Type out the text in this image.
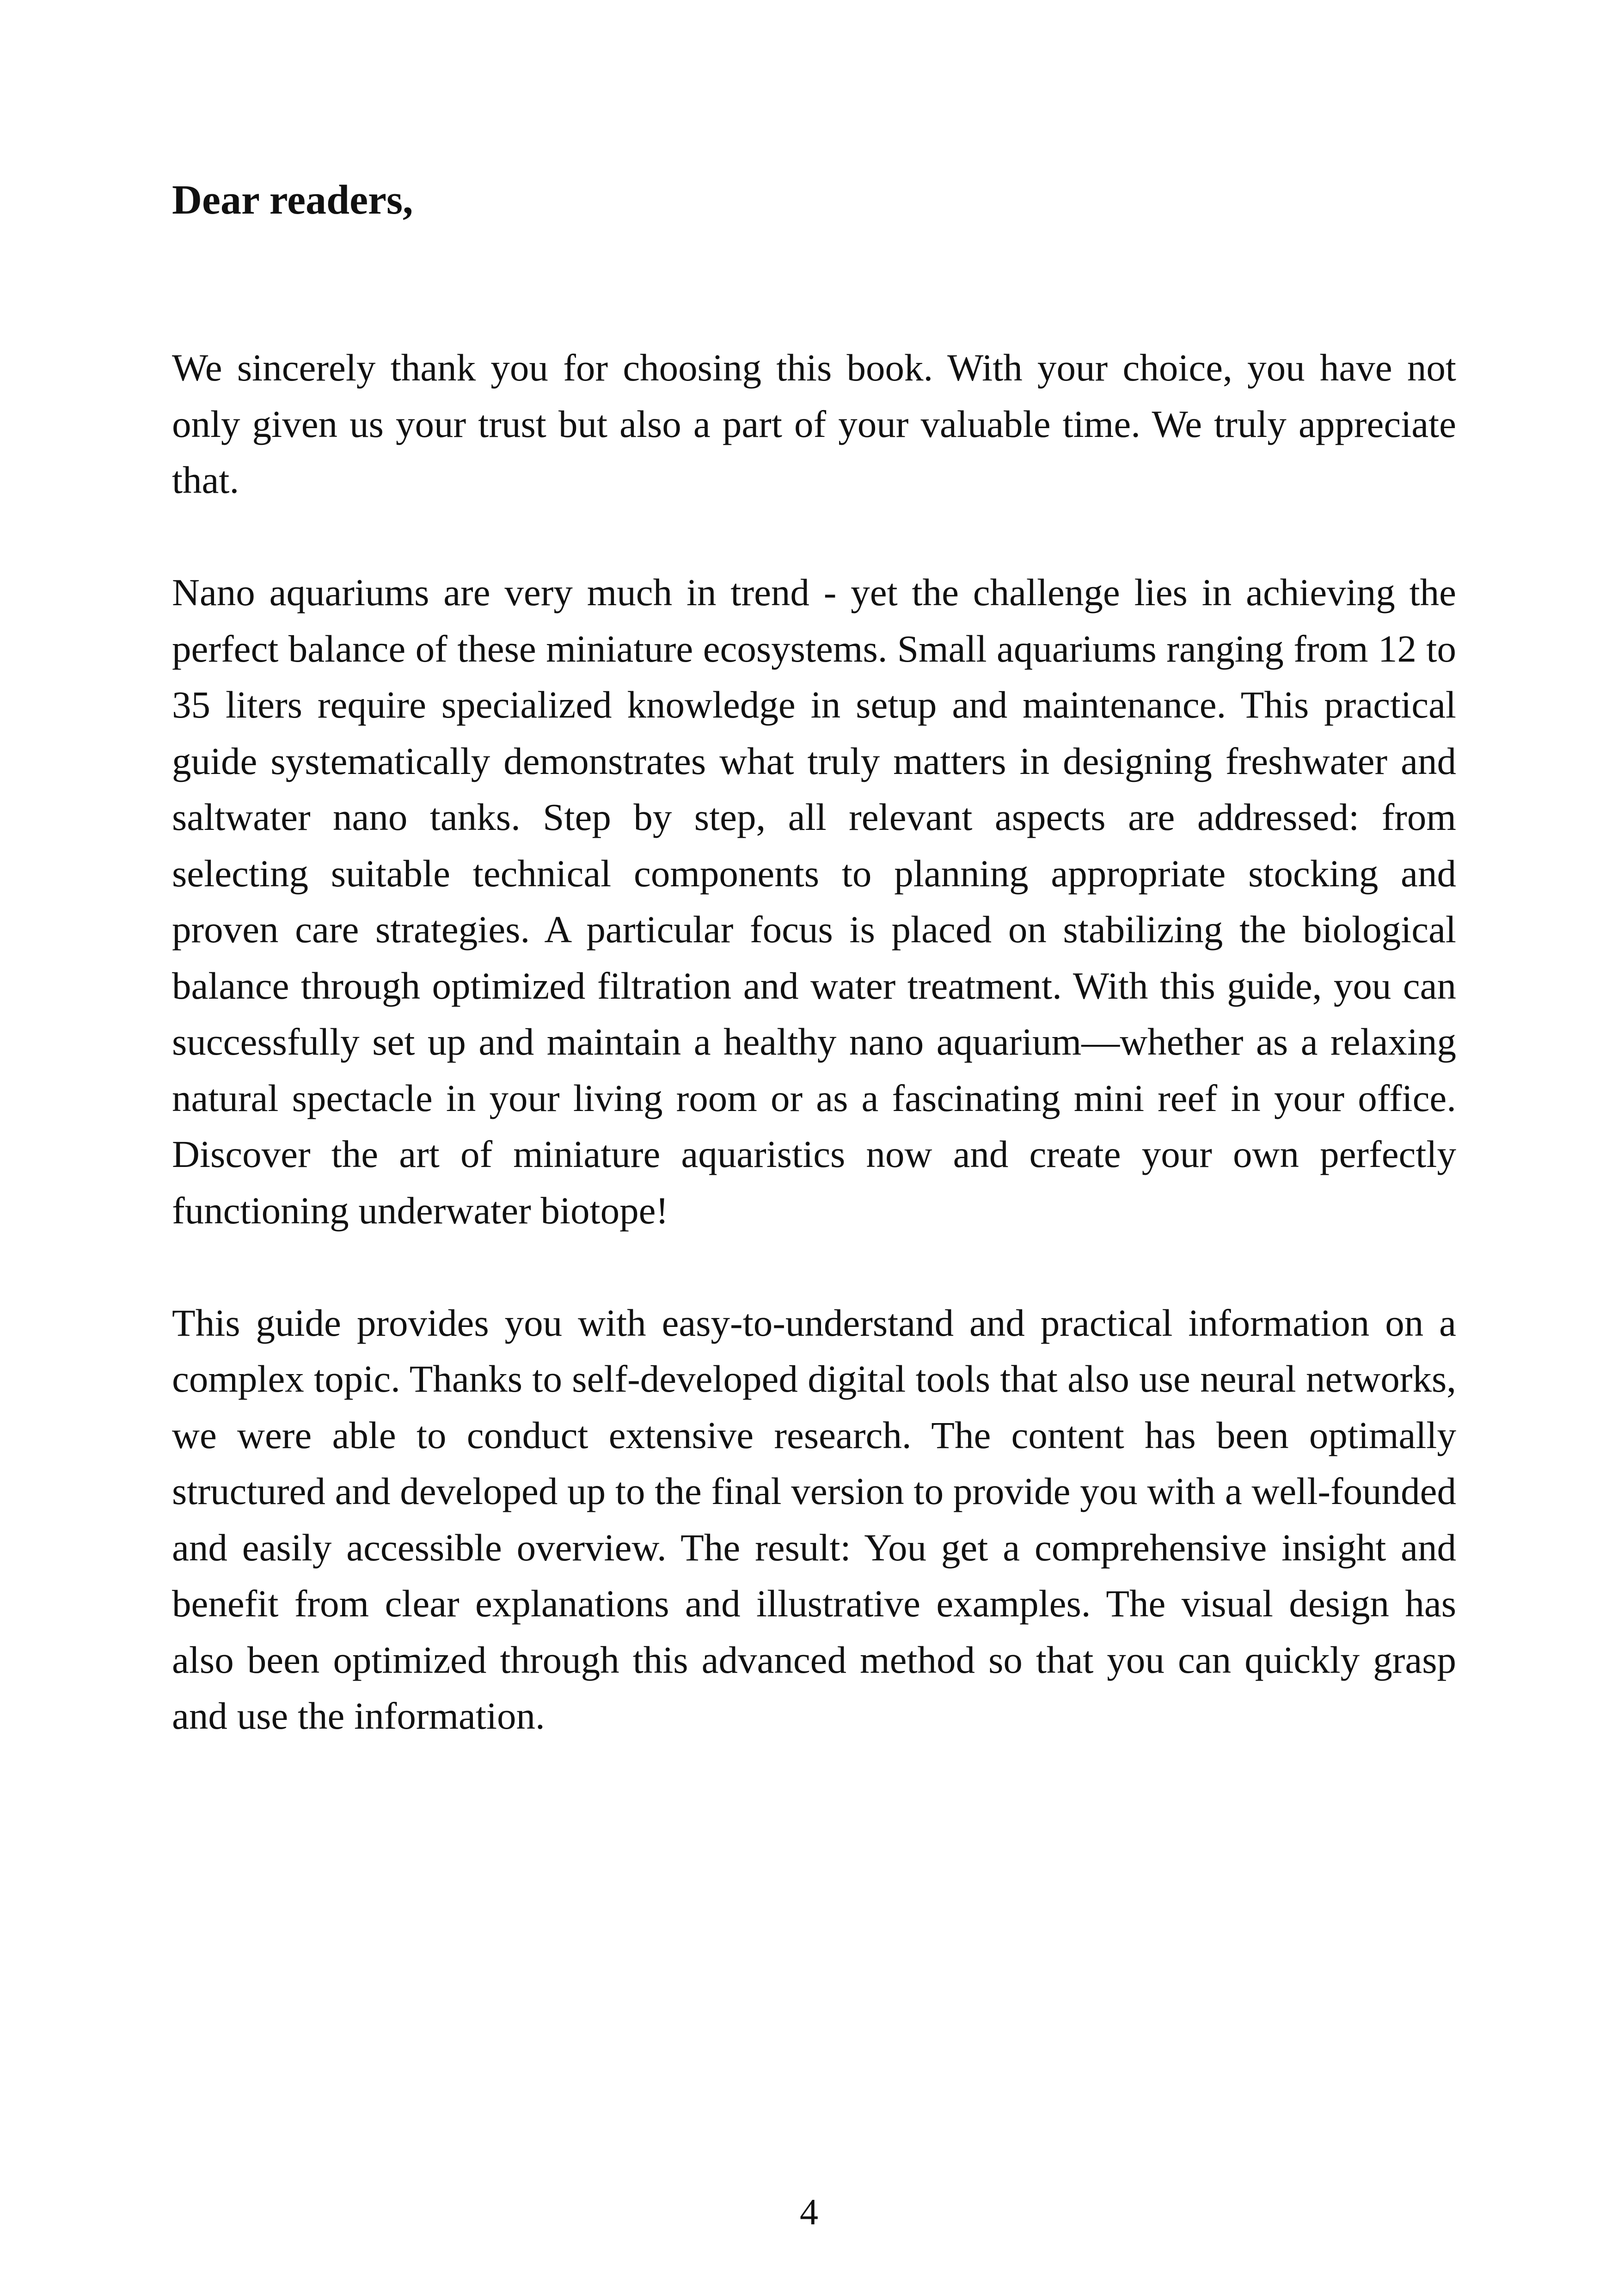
Dear readers,

We sincerely thank you for choosing this book. With your choice, you have not only given us your trust but also a part of your valuable time. We truly appreciate that.

Nano aquariums are very much in trend - yet the challenge lies in achieving the perfect balance of these miniature ecosystems. Small aquariums ranging from 12 to 35 liters require specialized knowledge in setup and maintenance. This practical guide systematically demonstrates what truly matters in designing freshwater and saltwater nano tanks. Step by step, all relevant aspects are addressed: from selecting suitable technical components to planning appropriate stocking and proven care strategies. A particular focus is placed on stabilizing the biological balance through optimized filtration and water treatment. With this guide, you can successfully set up and maintain a healthy nano aquarium—whether as a relaxing natural spectacle in your living room or as a fascinating mini reef in your office. Discover the art of miniature aquaristics now and create your own perfectly functioning underwater biotope!

This guide provides you with easy-to-understand and practical information on a complex topic. Thanks to self-developed digital tools that also use neural networks, we were able to conduct extensive research. The content has been optimally structured and developed up to the final version to provide you with a well-founded and easily accessible overview. The result: You get a comprehensive insight and benefit from clear explanations and illustrative examples. The visual design has also been optimized through this advanced method so that you can quickly grasp and use the information.

4
